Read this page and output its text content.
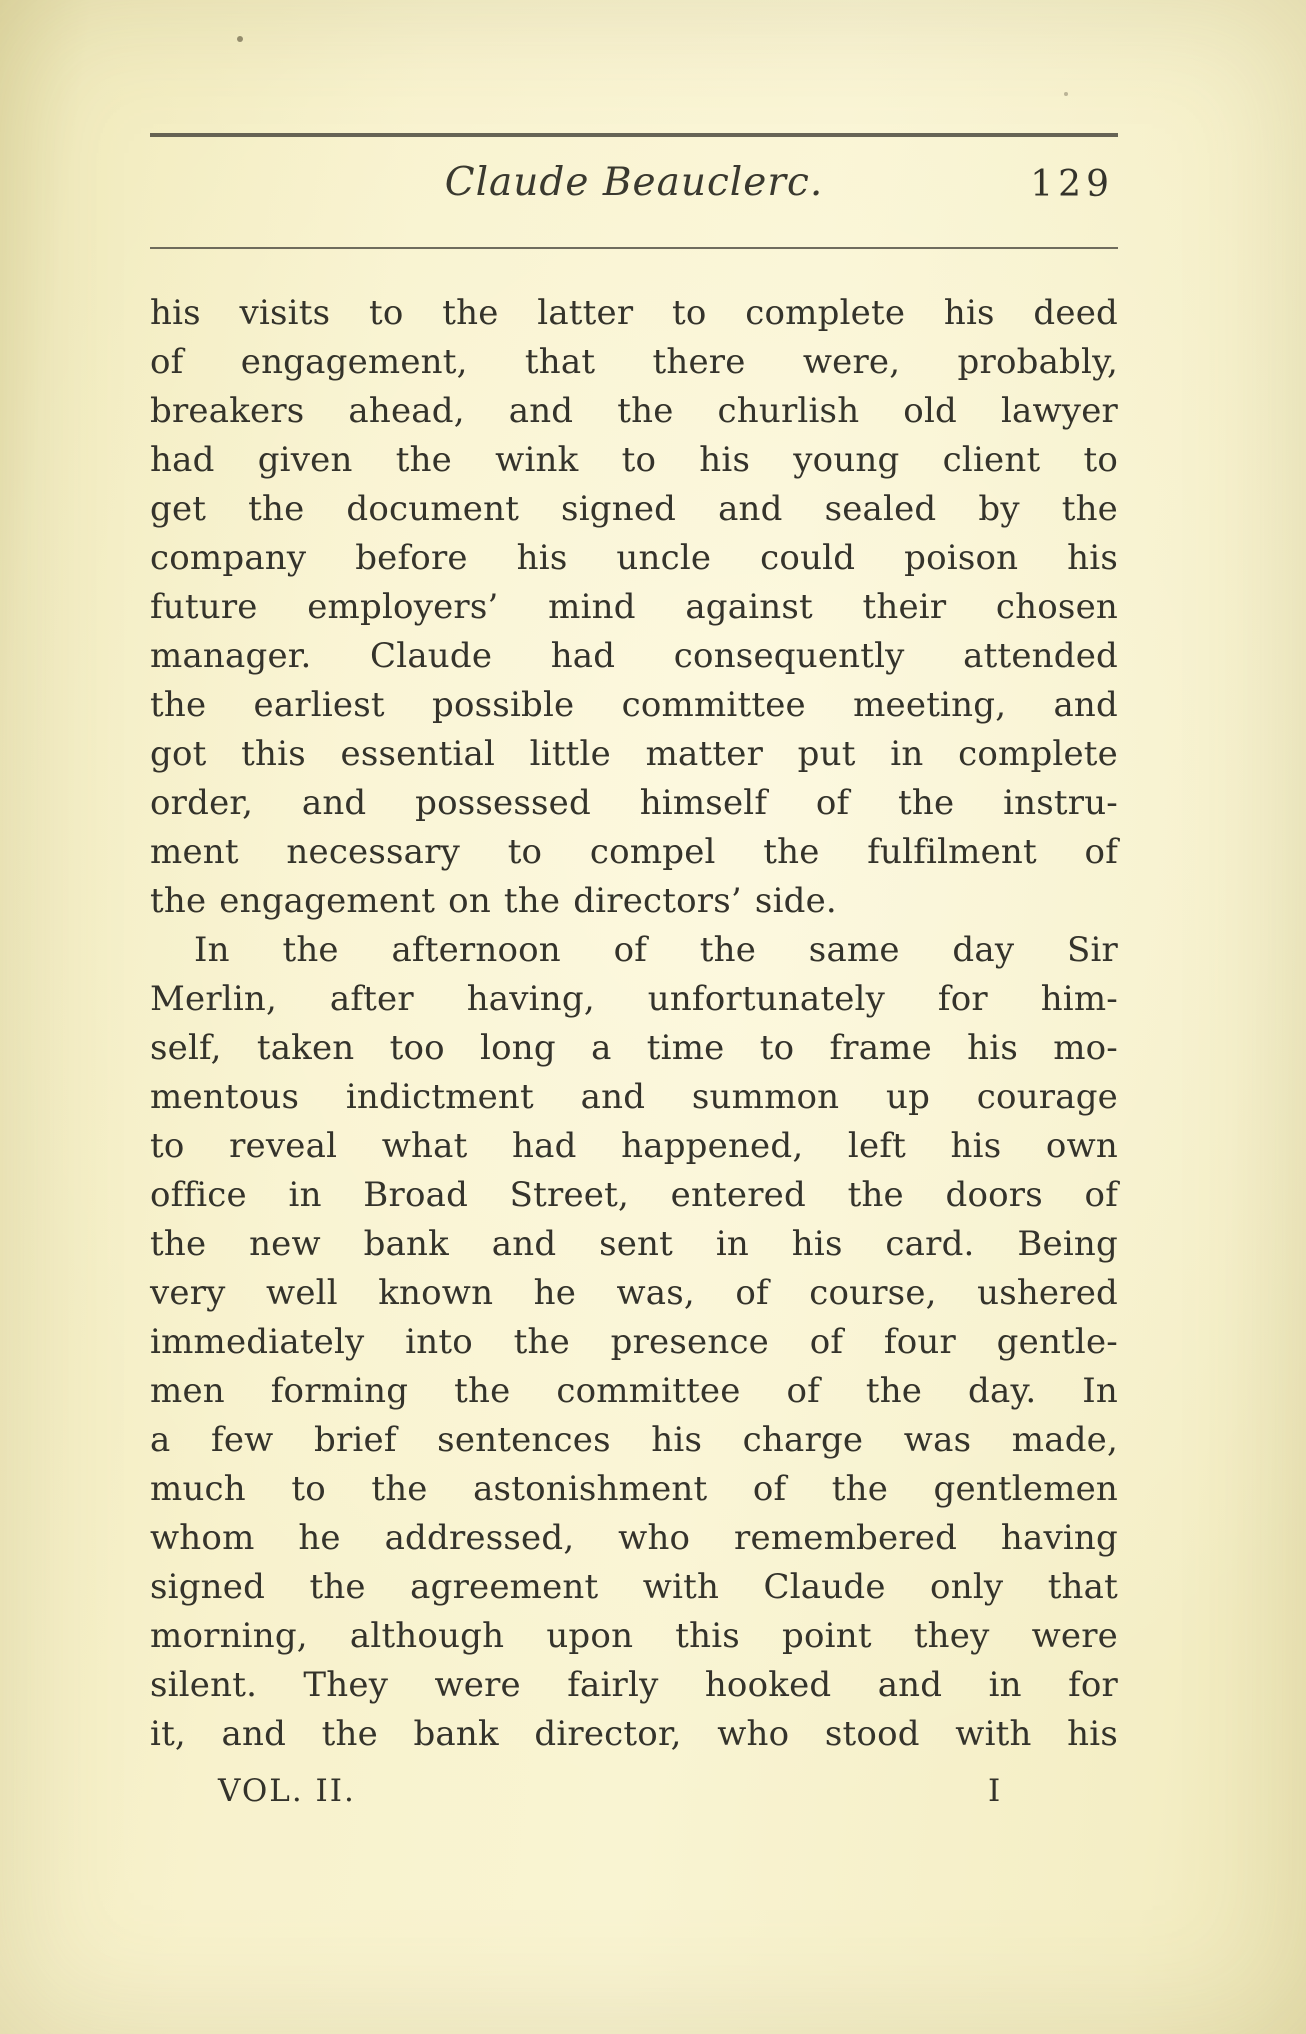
Claude Beauclerc.	129
his visits to the latter to complete his deed
of engagement, that there were, probably,
breakers ahead, and the churlish old lawyer
had given the wink to his young client to
get the document signed and sealed by the
company before his uncle could poison his
future employers’ mind against their chosen
manager. Claude had consequently attended
the earliest possible committee meeting, and
got this essential little matter put in complete
order, and possessed himself of the instru-
ment necessary to compel the fulfilment of
the engagement on the directors’ side.
In the afternoon of the same day Sir
Merlin, after having, unfortunately for him-
self, taken too long a time to frame his mo-
mentous indictment and summon up courage
to reveal what had happened, left his own
office in Broad Street, entered the doors of
the new bank and sent in his card. Being
very well known he was, of course, ushered
immediately into the presence of four gentle-
men forming the committee of the day. In
a few brief sentences his charge was made,
much to the astonishment of the gentlemen
whom he addressed, who remembered having
signed the agreement with Claude only that
morning, although upon this point they were
silent. They were fairly hooked and in for
it, and the bank director, who stood with his
VOL. II.	I
